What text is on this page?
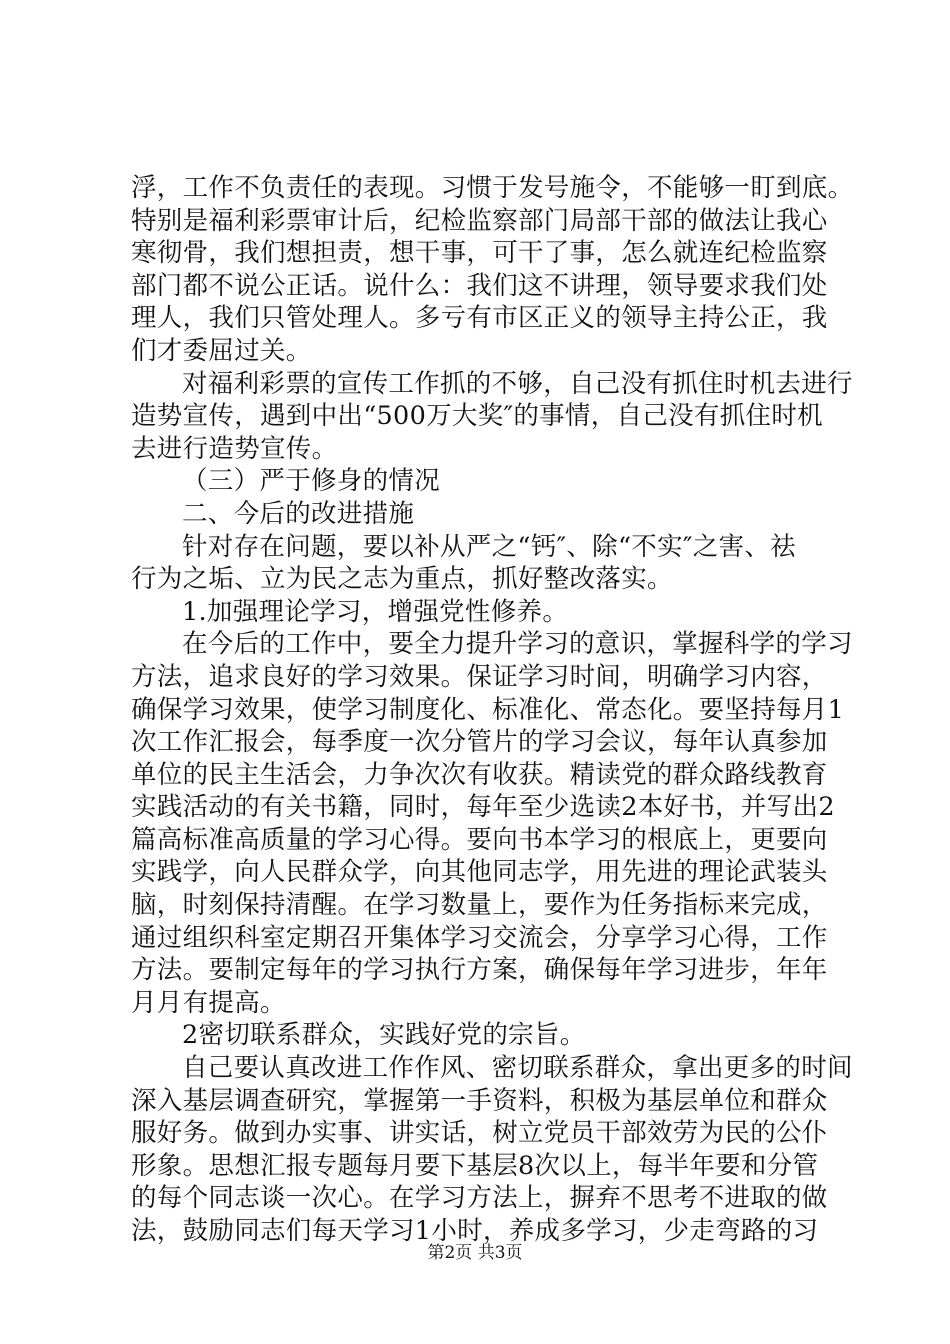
浮，工作不负责任的表现。习惯于发号施令，不能够一盯到底。
特别是福利彩票审计后，纪检监察部门局部干部的做法让我心
寒彻骨，我们想担责，想干事，可干了事，怎么就连纪检监察
部门都不说公正话。说什么：我们这不讲理，领导要求我们处
理人，我们只管处理人。多亏有市区正义的领导主持公正，我
们才委屈过关。
对福利彩票的宣传工作抓的不够，自己没有抓住时机去进行
造势宣传，遇到中出“500万大奖″的事情，自己没有抓住时机
去进行造势宣传。
（三）严于修身的情况
二、今后的改进措施
针对存在问题，要以补从严之“钙″、除“不实″之害、祛
行为之垢、立为民之志为重点，抓好整改落实。
1.加强理论学习，增强党性修养。
在今后的工作中，要全力提升学习的意识，掌握科学的学习
方法，追求良好的学习效果。保证学习时间，明确学习内容，
确保学习效果，使学习制度化、标准化、常态化。要坚持每月1
次工作汇报会，每季度一次分管片的学习会议，每年认真参加
单位的民主生活会，力争次次有收获。精读党的群众路线教育
实践活动的有关书籍，同时，每年至少选读2本好书，并写出2
篇高标准高质量的学习心得。要向书本学习的根底上，更要向
实践学，向人民群众学，向其他同志学，用先进的理论武装头
脑，时刻保持清醒。在学习数量上，要作为任务指标来完成，
通过组织科室定期召开集体学习交流会，分享学习心得，工作
方法。要制定每年的学习执行方案，确保每年学习进步，年年
月月有提高。
2密切联系群众，实践好党的宗旨。
自己要认真改进工作作风、密切联系群众，拿出更多的时间
深入基层调查研究，掌握第一手资料，积极为基层单位和群众
服好务。做到办实事、讲实话，树立党员干部效劳为民的公仆
形象。思想汇报专题每月要下基层8次以上，每半年要和分管
的每个同志谈一次心。在学习方法上，摒弃不思考不进取的做
法，鼓励同志们每天学习1小时，养成多学习，少走弯路的习
第2页 共3页
